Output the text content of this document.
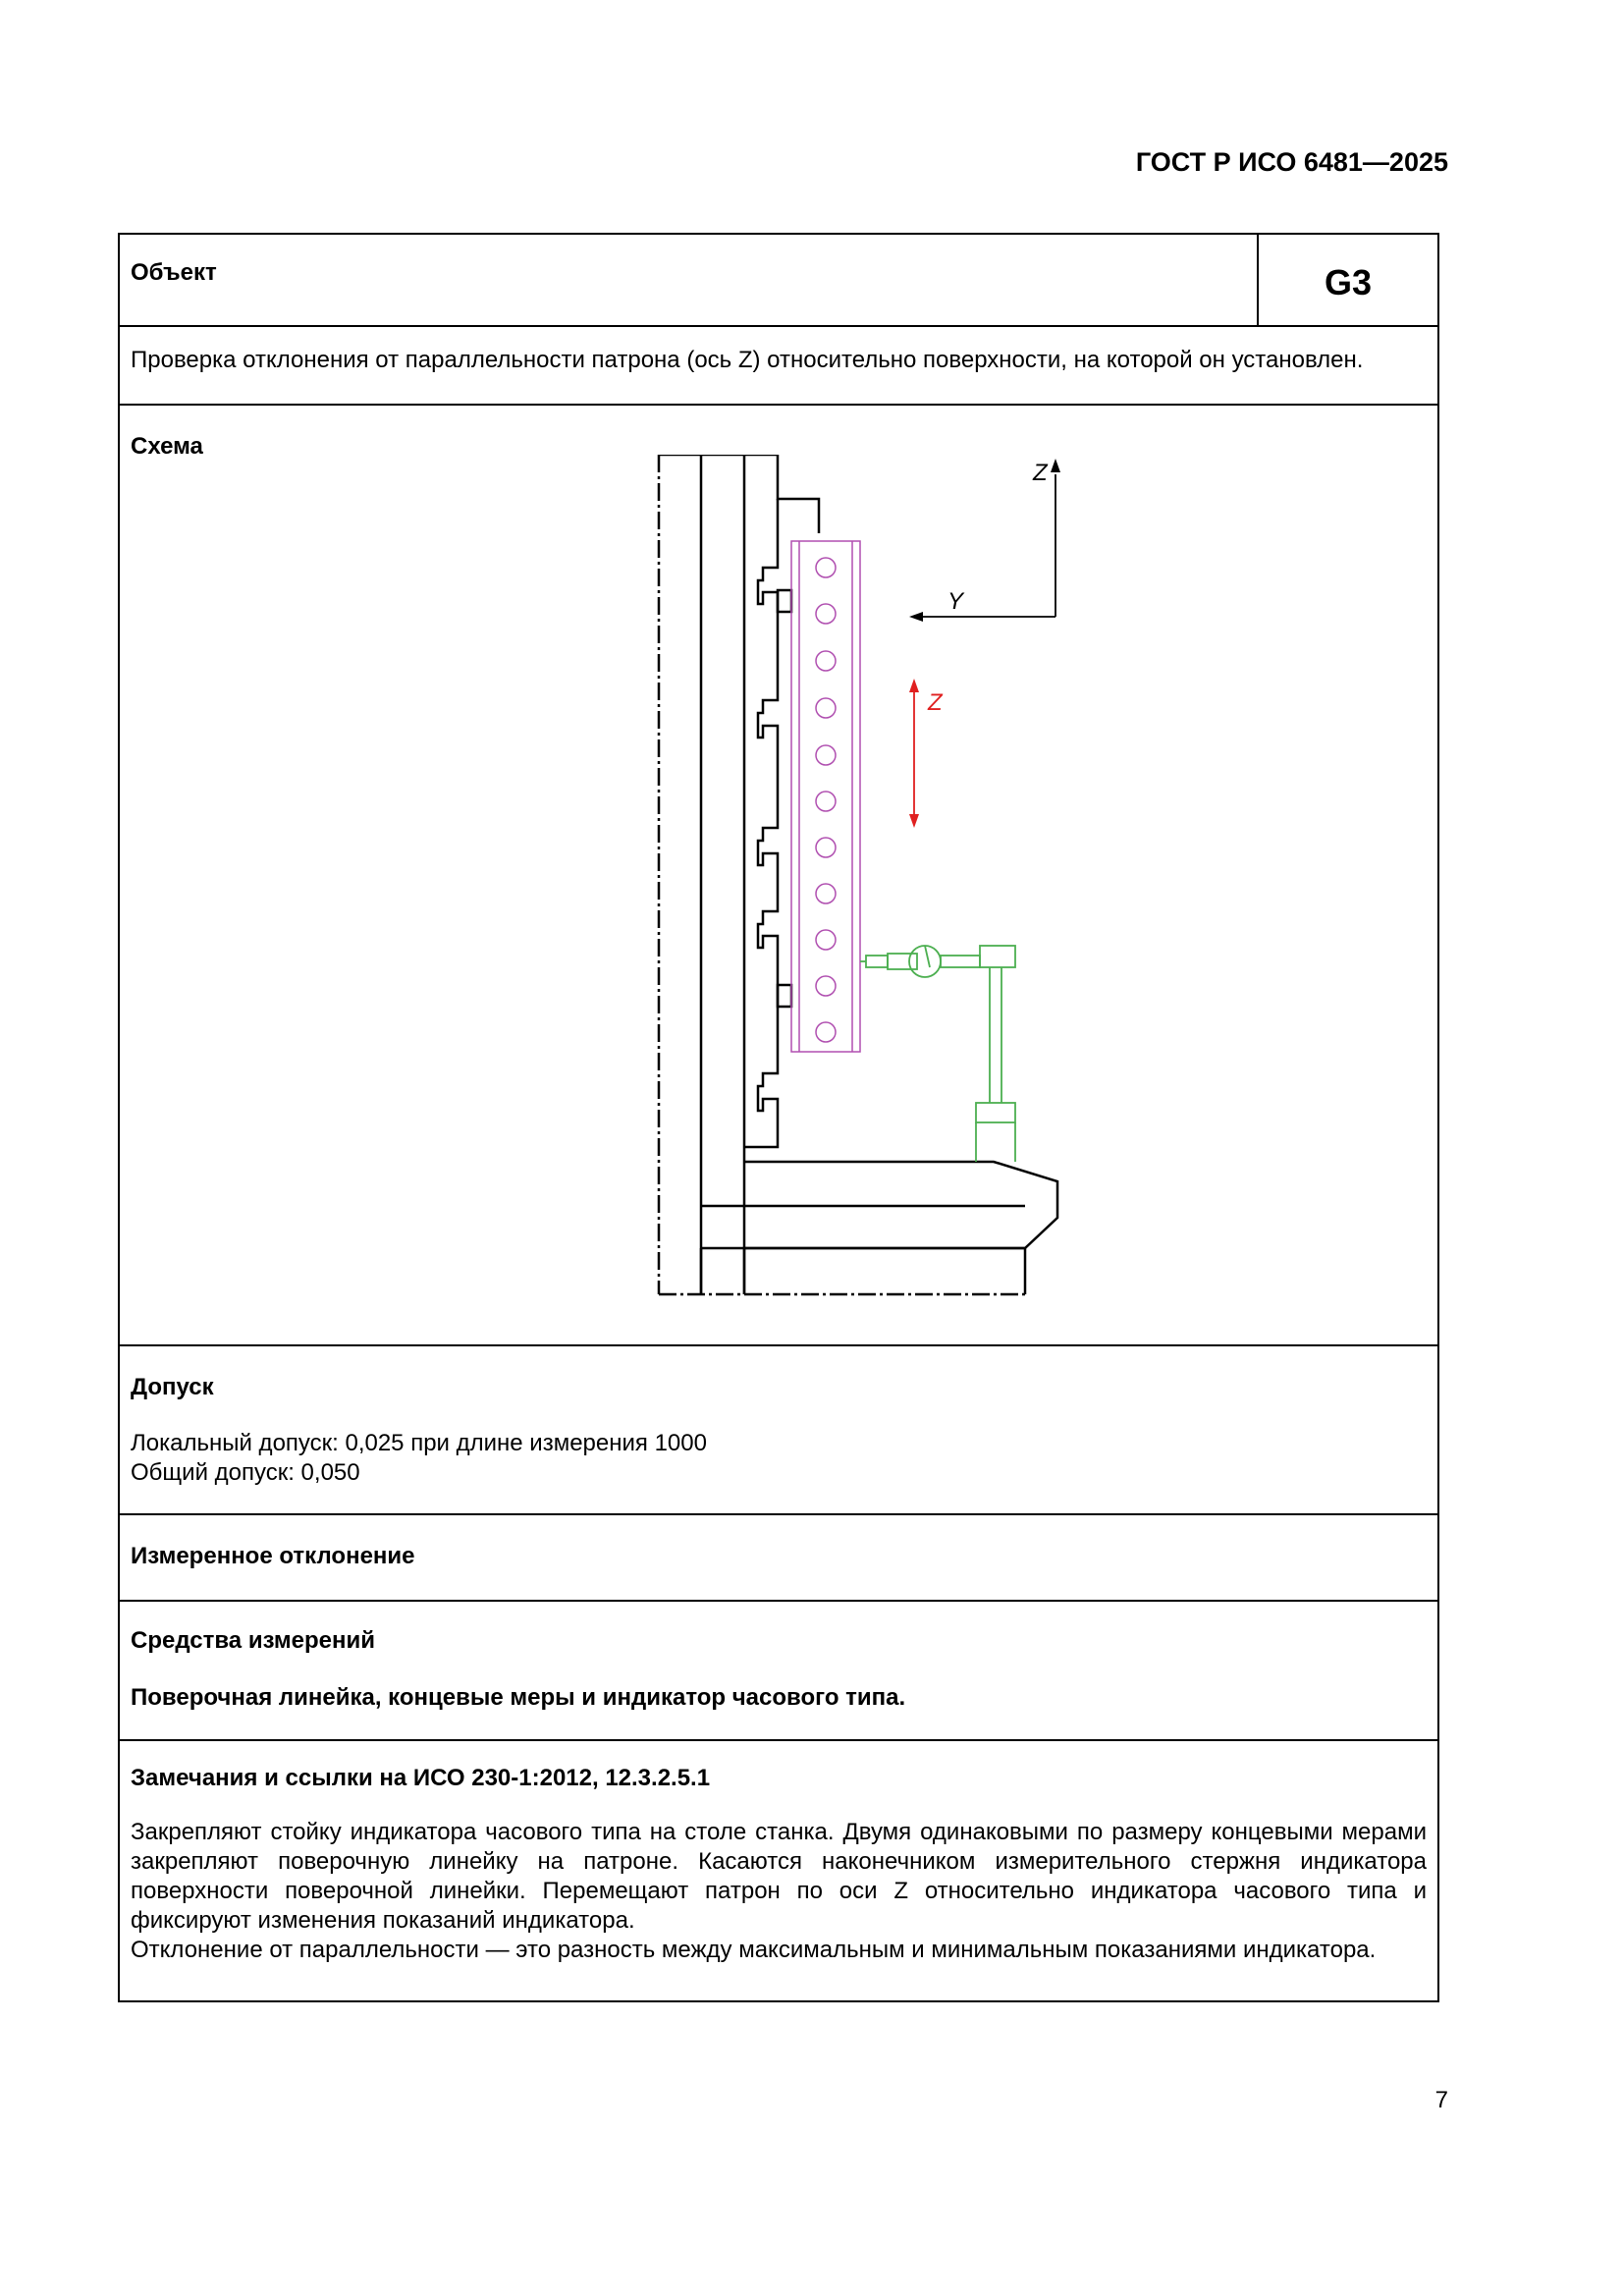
ГОСТ Р ИСО 6481—2025
Объект	G3
Проверка отклонения от параллельности патрона (ось Z) относительно поверхности, на которой он установлен.
Схема
Z
Z
Y
Допуск
Локальный допуск: 0,025 при длине измерения 1000
Общий допуск: 0,050
Измеренное отклонение
Средства измерений
Поверочная линейка, концевые меры и индикатор часового типа.
Замечания и ссылки на ИСО 230-1:2012, 12.3.2.5.1
Закрепляют стойку индикатора часового типа на столе станка. Двумя одинаковыми по размеру концевыми мерами закрепляют поверочную линейку на патроне. Касаются наконечником измерительного стержня индикатора поверхности поверочной линейки. Перемещают патрон по оси Z относительно индикатора часового типа и фиксируют изменения показаний индикатора.
Отклонение от параллельности — это разность между максимальным и минимальным показаниями индикатора.
7
